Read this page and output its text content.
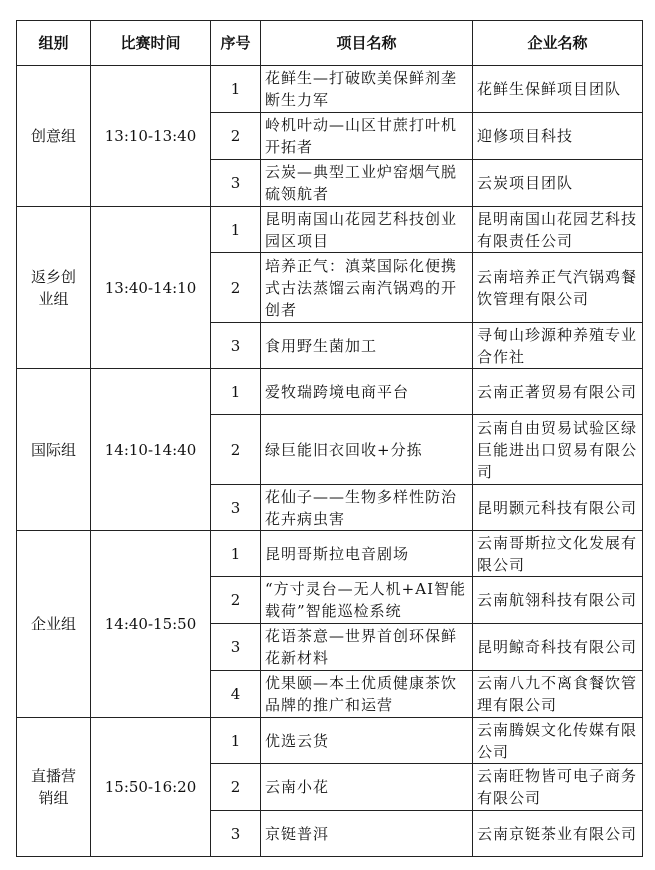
组别	比赛时间	序号	项目名称	企业名称
创意组	13:10-13:40	1	花鲜生—打破欧美保鲜剂垄断生力军	花鲜生保鲜项目团队
		2	岭机叶动—山区甘蔗打叶机开拓者	迎修项目科技
		3	云炭—典型工业炉窑烟气脱硫领航者	云炭项目团队
返乡创业组	13:40-14:10	1	昆明南国山花园艺科技创业园区项目	昆明南国山花园艺科技有限责任公司
		2	培养正气：滇菜国际化便携式古法蒸馏云南汽锅鸡的开创者	云南培养正气汽锅鸡餐饮管理有限公司
		3	食用野生菌加工	寻甸山珍源种养殖专业合作社
国际组	14:10-14:40	1	爱牧瑞跨境电商平台	云南正著贸易有限公司
		2	绿巨能旧衣回收+分拣	云南自由贸易试验区绿巨能进出口贸易有限公司
		3	花仙子——生物多样性防治花卉病虫害	昆明颢元科技有限公司
企业组	14:40-15:50	1	昆明哥斯拉电音剧场	云南哥斯拉文化发展有限公司
		2	“方寸灵台—无人机+AI智能载荷”智能巡检系统	云南航翎科技有限公司
		3	花语茶意—世界首创环保鲜花新材料	昆明鲸奇科技有限公司
		4	优果颐—本土优质健康茶饮品牌的推广和运营	云南八九不离食餐饮管理有限公司
直播营销组	15:50-16:20	1	优选云货	云南腾娱文化传媒有限公司
		2	云南小花	云南旺物皆可电子商务有限公司
		3	京铤普洱	云南京铤茶业有限公司
